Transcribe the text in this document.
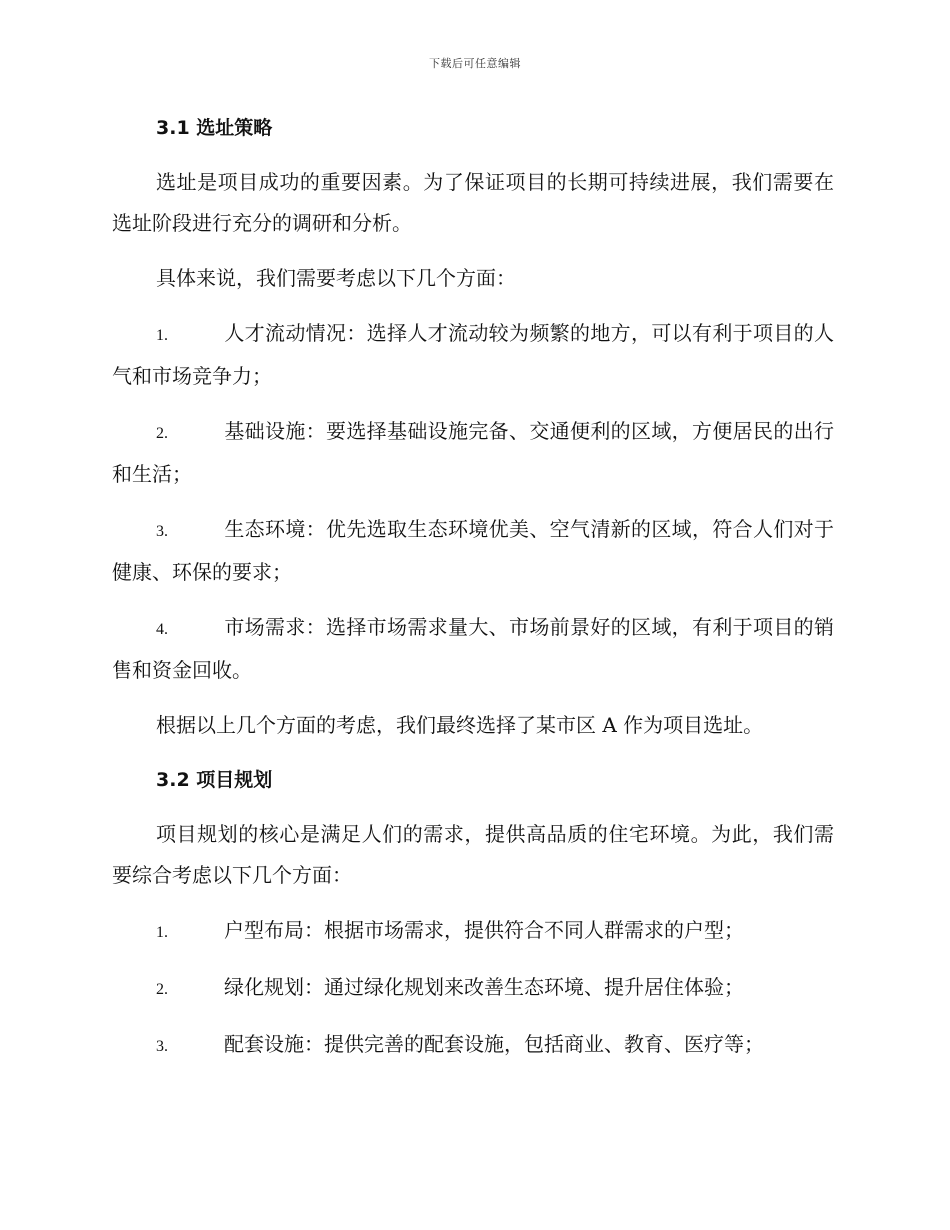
下载后可任意编辑
3.1 选址策略

选址是项目成功的重要因素。为了保证项目的长期可持续进展，我们需要在选址阶段进行充分的调研和分析。

具体来说，我们需要考虑以下几个方面：

1.	人才流动情况：选择人才流动较为频繁的地方，可以有利于项目的人气和市场竞争力；

2.	基础设施：要选择基础设施完备、交通便利的区域，方便居民的出行和生活；

3.	生态环境：优先选取生态环境优美、空气清新的区域，符合人们对于健康、环保的要求；

4.	市场需求：选择市场需求量大、市场前景好的区域，有利于项目的销售和资金回收。

根据以上几个方面的考虑，我们最终选择了某市区 A 作为项目选址。

3.2 项目规划

项目规划的核心是满足人们的需求，提供高品质的住宅环境。为此，我们需要综合考虑以下几个方面：

1.	户型布局：根据市场需求，提供符合不同人群需求的户型；

2.	绿化规划：通过绿化规划来改善生态环境、提升居住体验；

3.	配套设施：提供完善的配套设施，包括商业、教育、医疗等；
